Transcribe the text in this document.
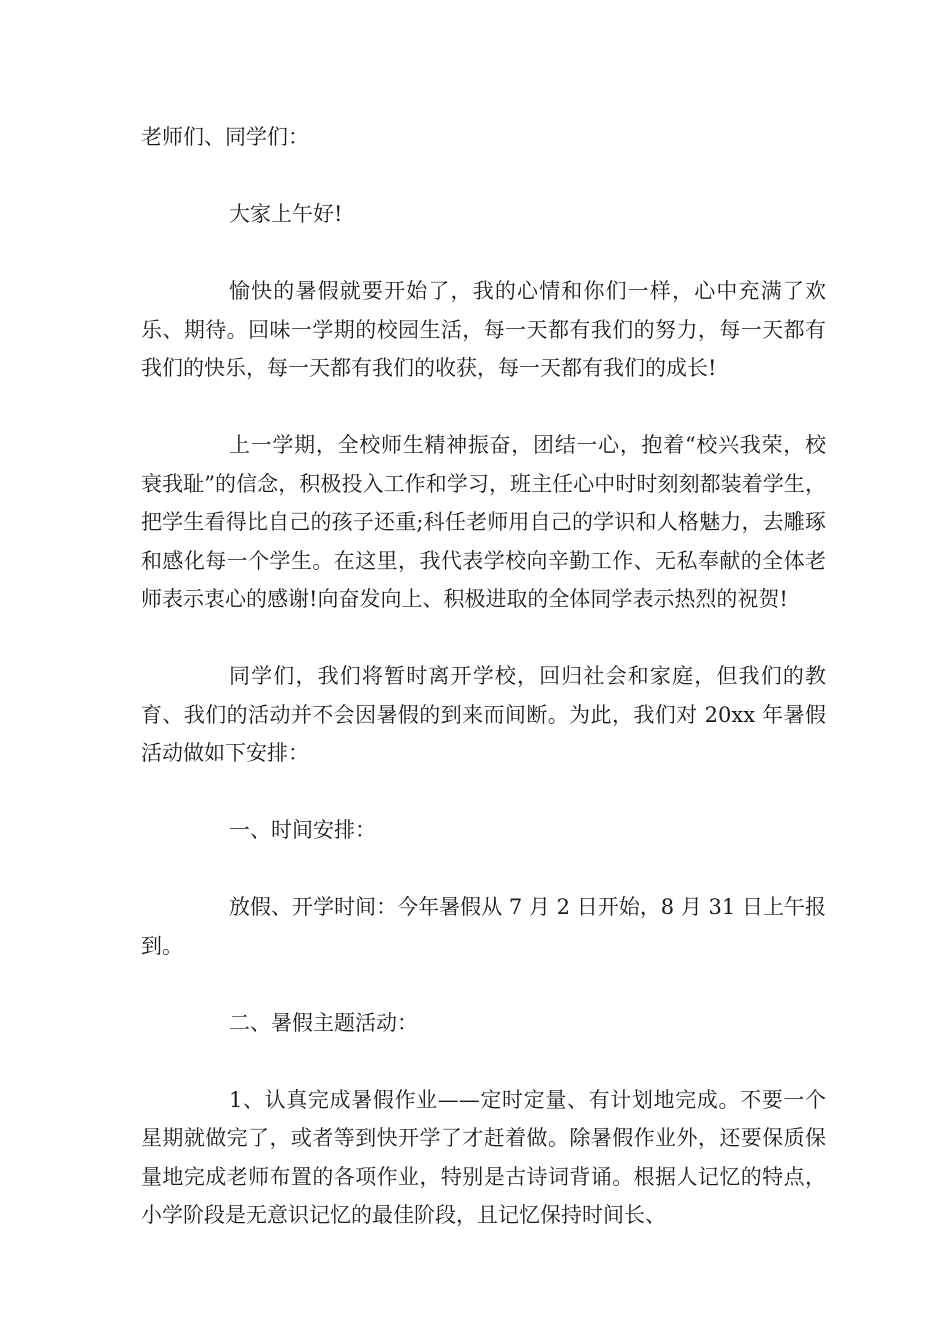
老师们、同学们：

大家上午好!

愉快的暑假就要开始了，我的心情和你们一样，心中充满了欢乐、期待。回味一学期的校园生活，每一天都有我们的努力，每一天都有我们的快乐，每一天都有我们的收获，每一天都有我们的成长!

上一学期，全校师生精神振奋，团结一心，抱着“校兴我荣，校衰我耻”的信念，积极投入工作和学习，班主任心中时时刻刻都装着学生，把学生看得比自己的孩子还重;科任老师用自己的学识和人格魅力，去雕琢和感化每一个学生。在这里，我代表学校向辛勤工作、无私奉献的全体老师表示衷心的感谢!向奋发向上、积极进取的全体同学表示热烈的祝贺!

同学们，我们将暂时离开学校，回归社会和家庭，但我们的教育、我们的活动并不会因暑假的到来而间断。为此，我们对 20xx 年暑假活动做如下安排：

一、时间安排：

放假、开学时间：今年暑假从 7 月 2 日开始，8 月 31 日上午报到。

二、暑假主题活动：

1、认真完成暑假作业——定时定量、有计划地完成。不要一个星期就做完了，或者等到快开学了才赶着做。除暑假作业外，还要保质保量地完成老师布置的各项作业，特别是古诗词背诵。根据人记忆的特点，小学阶段是无意识记忆的最佳阶段，且记忆保持时间长、
